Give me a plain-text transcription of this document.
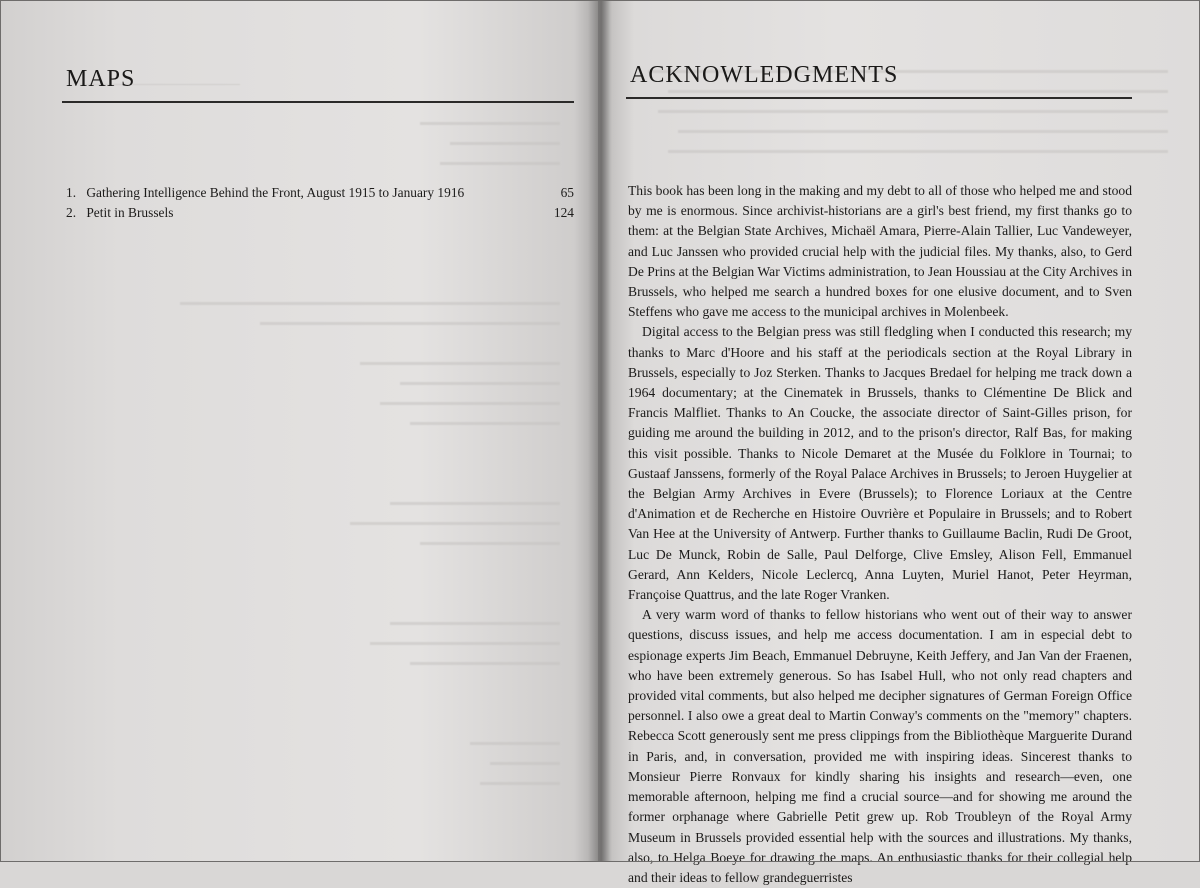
MAPS
1. Gathering Intelligence Behind the Front, August 1915 to January 1916	65
2. Petit in Brussels	124
ACKNOWLEDGMENTS

This book has been long in the making and my debt to all of those who helped me and stood by me is enormous. Since archivist-historians are a girl's best friend, my first thanks go to them: at the Belgian State Archives, Michaël Amara, Pierre-Alain Tallier, Luc Vandeweyer, and Luc Janssen who provided crucial help with the judicial files. My thanks, also, to Gerd De Prins at the Belgian War Victims administration, to Jean Houssiau at the City Archives in Brussels, who helped me search a hundred boxes for one elusive document, and to Sven Steffens who gave me access to the municipal archives in Molenbeek.

Digital access to the Belgian press was still fledgling when I conducted this research; my thanks to Marc d'Hoore and his staff at the periodicals section at the Royal Library in Brussels, especially to Joz Sterken. Thanks to Jacques Bredael for helping me track down a 1964 documentary; at the Cinematek in Brussels, thanks to Clémentine De Blick and Francis Malfliet. Thanks to An Coucke, the associate director of Saint-Gilles prison, for guiding me around the building in 2012, and to the prison's director, Ralf Bas, for making this visit possible. Thanks to Nicole Demaret at the Musée du Folklore in Tournai; to Gustaaf Janssens, formerly of the Royal Palace Archives in Brussels; to Jeroen Huygelier at the Belgian Army Archives in Evere (Brussels); to Florence Loriaux at the Centre d'Animation et de Recherche en Histoire Ouvrière et Populaire in Brussels; and to Robert Van Hee at the University of Antwerp. Further thanks to Guillaume Baclin, Rudi De Groot, Luc De Munck, Robin de Salle, Paul Delforge, Clive Emsley, Alison Fell, Emmanuel Gerard, Ann Kelders, Nicole Leclercq, Anna Luyten, Muriel Hanot, Peter Heyrman, Françoise Quattrus, and the late Roger Vranken.

A very warm word of thanks to fellow historians who went out of their way to answer questions, discuss issues, and help me access documentation. I am in especial debt to espionage experts Jim Beach, Emmanuel Debruyne, Keith Jeffery, and Jan Van der Fraenen, who have been extremely generous. So has Isabel Hull, who not only read chapters and provided vital comments, but also helped me decipher signatures of German Foreign Office personnel. I also owe a great deal to Martin Conway's comments on the "memory" chapters. Rebecca Scott generously sent me press clippings from the Bibliothèque Marguerite Durand in Paris, and, in conversation, provided me with inspiring ideas. Sincerest thanks to Monsieur Pierre Ronvaux for kindly sharing his insights and research—even, one memorable afternoon, helping me find a crucial source—and for showing me around the former orphanage where Gabrielle Petit grew up. Rob Troubleyn of the Royal Army Museum in Brussels provided essential help with the sources and illustrations. My thanks, also, to Helga Boeye for drawing the maps. An enthusiastic thanks for their collegial help and their ideas to fellow grandeguerristes
